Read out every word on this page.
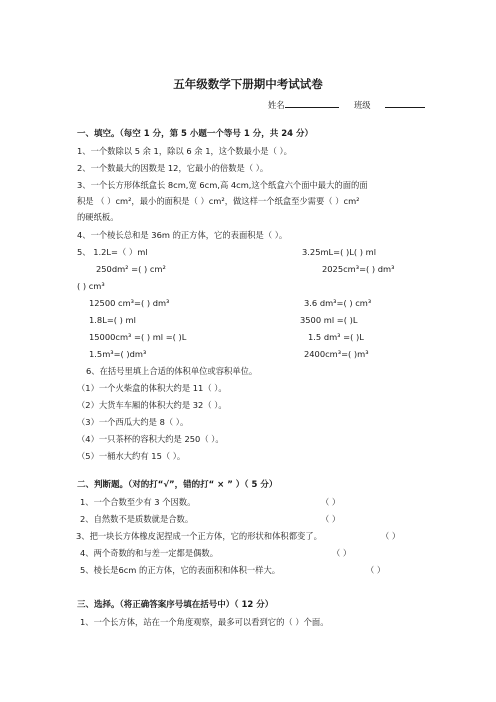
五年级数学下册期中考试试卷
姓名	班级
一、填空。（每空 1 分，第 5 小题一个等号 1 分，共 24 分）
1、一个数除以 5 余 1，除以 6 余 1，这个数最小是（ ）。
2、一个数最大的因数是 12，它最小的倍数是（ ）。
3、一个长方形体纸盒长 8cm,宽 6cm,高 4cm,这个纸盒六个面中最大的面的面
积是 （ ）cm²，最小的面积是（ ）cm²，做这样一个纸盒至少需要（ ）cm²
的硬纸板。
4、一个棱长总和是 36m 的正方体，它的表面积是（ ）。
5、 1.2L=（ ）ml	3.25mL=( )L( ) ml
250dm² =( ) cm²	2025cm³=( ) dm³
( ) cm³
12500 cm³=( ) dm³	3.6 dm³=( ) cm³
1.8L=( ) ml	3500 ml =( )L
15000cm³ =( ) ml =( )L	1.5 dm³ =( )L
1.5m³=( )dm³	2400cm³=( )m³
6、在括号里填上合适的体积单位或容积单位。
（1）一个火柴盒的体积大约是 11（ ）。
（2）大货车车厢的体积大约是 32（ ）。
（3）一个西瓜大约是 8（ ）。
（4）一只茶杯的容积大约是 250（ ）。
（5）一桶水大约有 15（ ）。
二、判断题。（对的打“√”，错的打“ × ” ）（ 5 分）
1、一个合数至少有 3 个因数。	（ ）
2、自然数不是质数就是合数。	（ ）
3、把一块长方体橡皮泥捏成一个正方体，它的形状和体积都变了。	（ ）
4、两个奇数的和与差一定都是偶数。	（ ）
5、棱长是6cm 的正方体，它的表面积和体积一样大。	（ ）
三、选择。（将正确答案序号填在括号中）（ 12 分）
1、一个长方体，站在一个角度观察，最多可以看到它的（ ）个面。
